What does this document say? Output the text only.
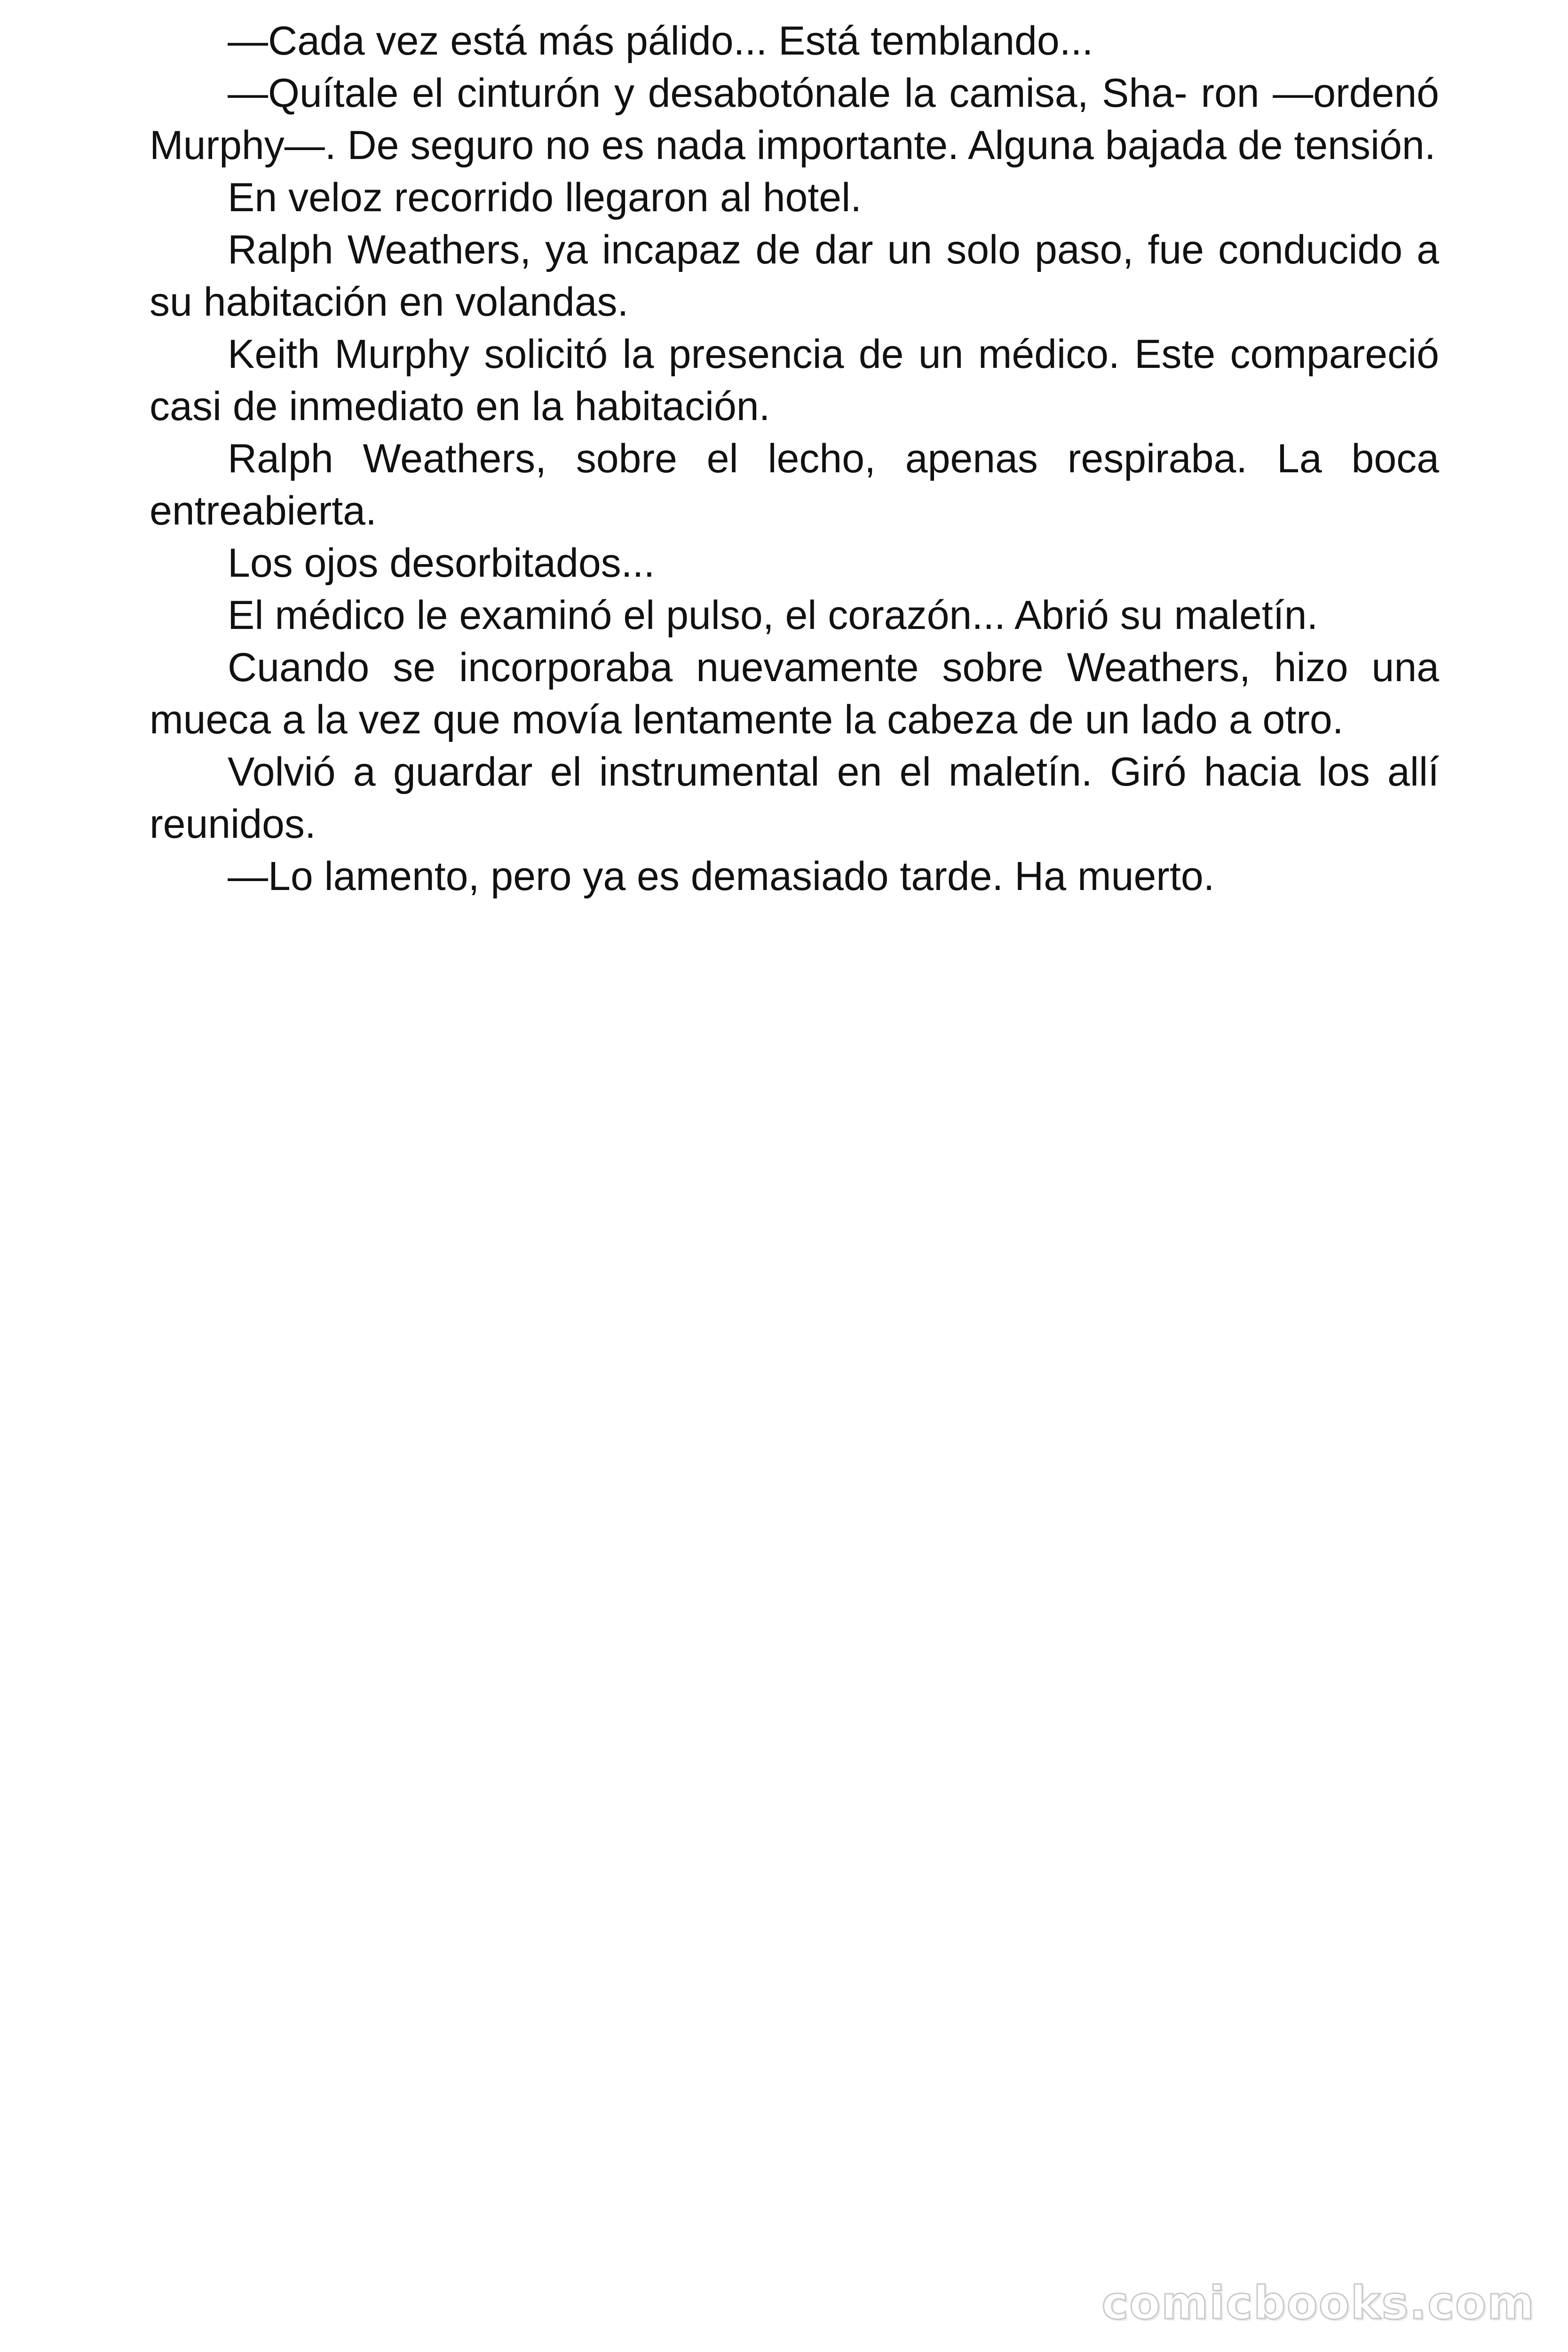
—Cada vez está más pálido... Está temblando...

—Quítale el cinturón y desabotónale la camisa, Sha- ron —ordenó Murphy—. De seguro no es nada importante. Alguna bajada de tensión.

En veloz recorrido llegaron al hotel.

Ralph Weathers, ya incapaz de dar un solo paso, fue conducido a su habitación en volandas.

Keith Murphy solicitó la presencia de un médico. Este compareció casi de inmediato en la habitación.

Ralph Weathers, sobre el lecho, apenas respiraba. La boca entreabierta.

Los ojos desorbitados...

El médico le examinó el pulso, el corazón... Abrió su maletín.

Cuando se incorporaba nuevamente sobre Weathers, hizo una mueca a la vez que movía lentamente la cabeza de un lado a otro.

Volvió a guardar el instrumental en el maletín. Giró hacia los allí reunidos.

—Lo lamento, pero ya es demasiado tarde. Ha muerto.

comicbooks.com
